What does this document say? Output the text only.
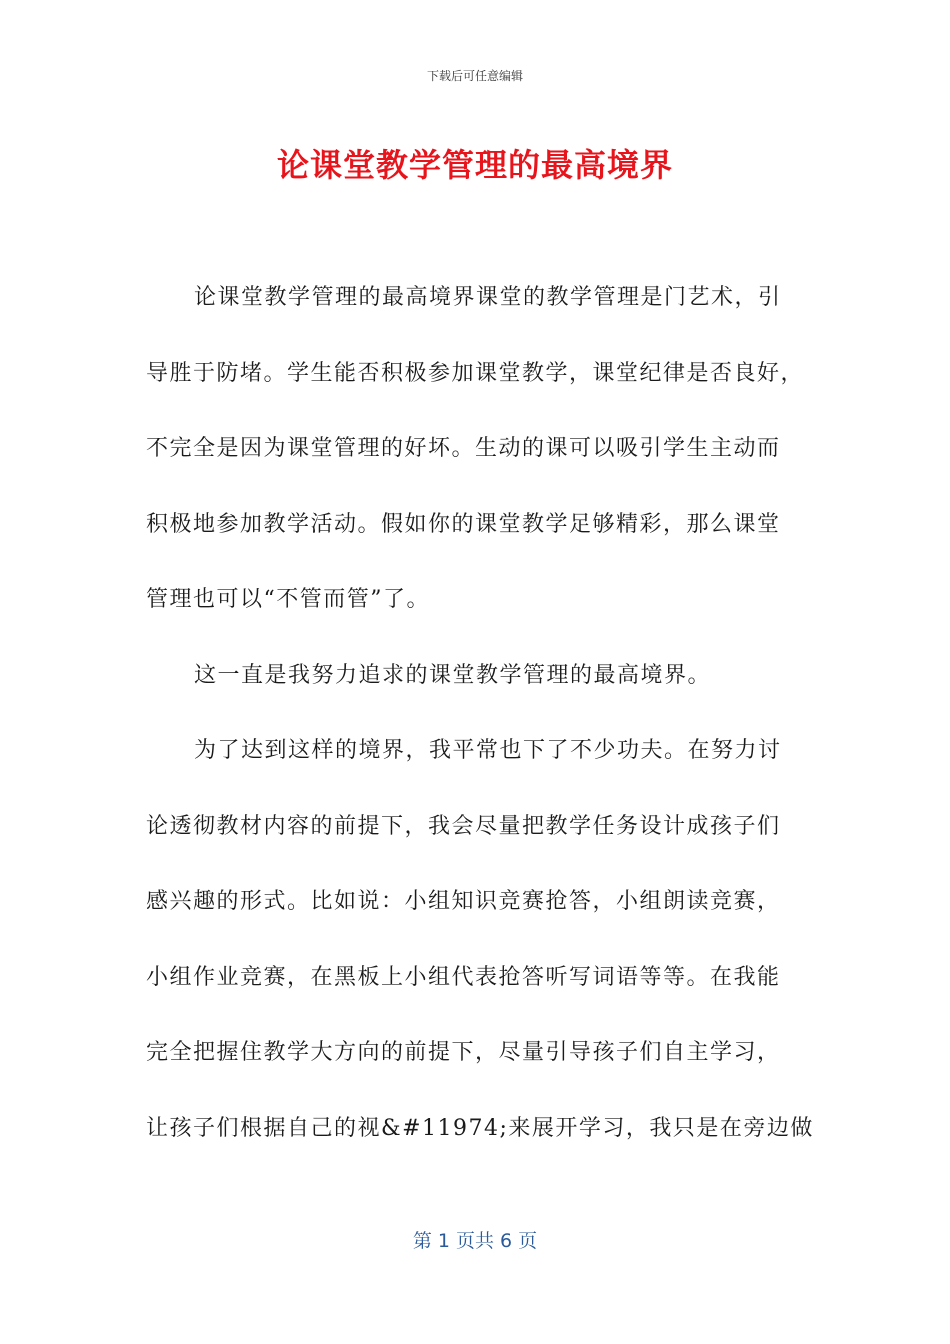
下载后可任意编辑
论课堂教学管理的最高境界
论课堂教学管理的最高境界课堂的教学管理是门艺术，引
导胜于防堵。学生能否积极参加课堂教学，课堂纪律是否良好，
不完全是因为课堂管理的好坏。生动的课可以吸引学生主动而
积极地参加教学活动。假如你的课堂教学足够精彩，那么课堂
管理也可以“不管而管”了。
这一直是我努力追求的课堂教学管理的最高境界。
为了达到这样的境界，我平常也下了不少功夫。在努力讨
论透彻教材内容的前提下，我会尽量把教学任务设计成孩子们
感兴趣的形式。比如说：小组知识竞赛抢答，小组朗读竞赛，
小组作业竞赛，在黑板上小组代表抢答听写词语等等。在我能
完全把握住教学大方向的前提下，尽量引导孩子们自主学习，
让孩子们根据自己的视&#11974;来展开学习，我只是在旁边做
第 1 页共 6 页
